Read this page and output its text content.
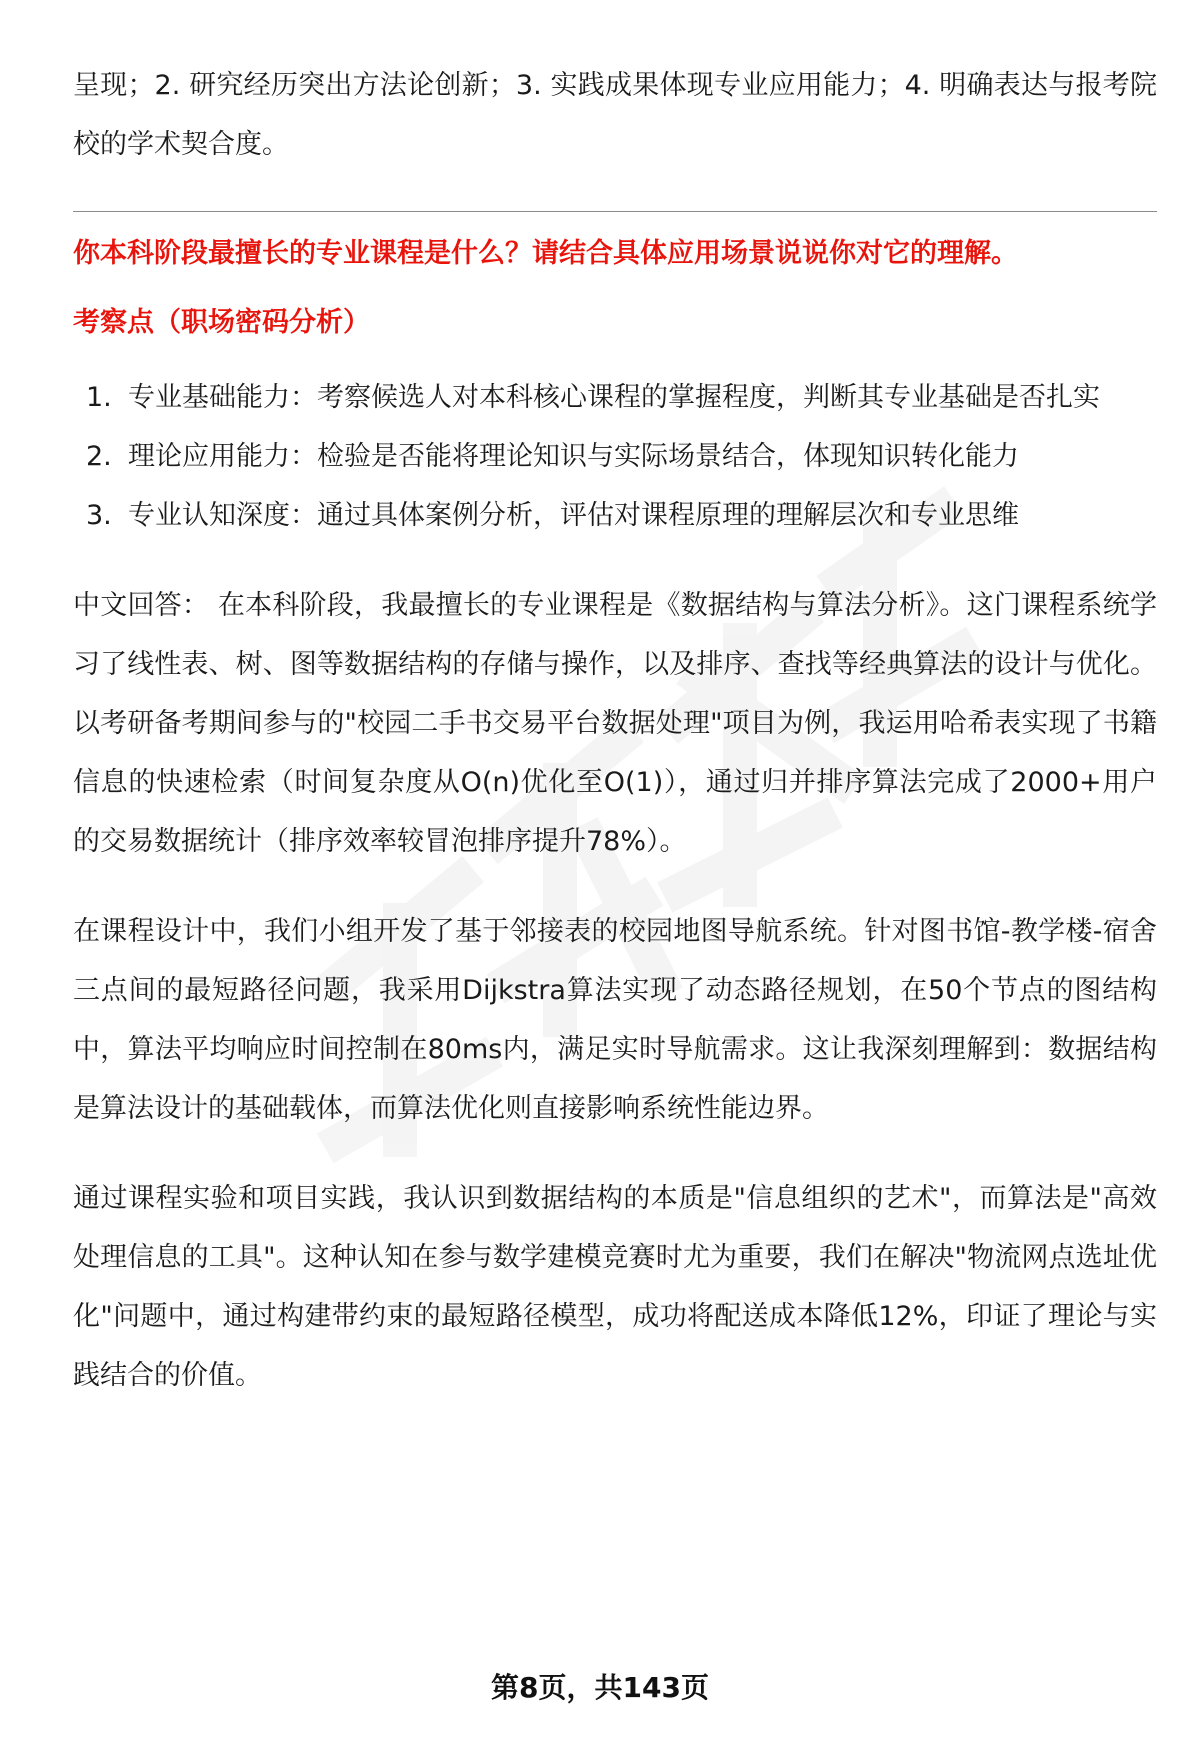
呈现；2. 研究经历突出方法论创新；3. 实践成果体现专业应用能力；4. 明确表达与报考院校的学术契合度。

你本科阶段最擅长的专业课程是什么？请结合具体应用场景说说你对它的理解。

考察点（职场密码分析）

1. 专业基础能力：考察候选人对本科核心课程的掌握程度，判断其专业基础是否扎实
2. 理论应用能力：检验是否能将理论知识与实际场景结合，体现知识转化能力
3. 专业认知深度：通过具体案例分析，评估对课程原理的理解层次和专业思维

中文回答： 在本科阶段，我最擅长的专业课程是《数据结构与算法分析》。这门课程系统学习了线性表、树、图等数据结构的存储与操作，以及排序、查找等经典算法的设计与优化。以考研备考期间参与的"校园二手书交易平台数据处理"项目为例，我运用哈希表实现了书籍信息的快速检索（时间复杂度从O(n)优化至O(1)），通过归并排序算法完成了2000+用户的交易数据统计（排序效率较冒泡排序提升78%）。

在课程设计中，我们小组开发了基于邻接表的校园地图导航系统。针对图书馆-教学楼-宿舍三点间的最短路径问题，我采用Dijkstra算法实现了动态路径规划，在50个节点的图结构中，算法平均响应时间控制在80ms内，满足实时导航需求。这让我深刻理解到：数据结构是算法设计的基础载体，而算法优化则直接影响系统性能边界。

通过课程实验和项目实践，我认识到数据结构的本质是"信息组织的艺术"，而算法是"高效处理信息的工具"。这种认知在参与数学建模竞赛时尤为重要，我们在解决"物流网点选址优化"问题中，通过构建带约束的最短路径模型，成功将配送成本降低12%，印证了理论与实践结合的价值。

第8页，共143页
